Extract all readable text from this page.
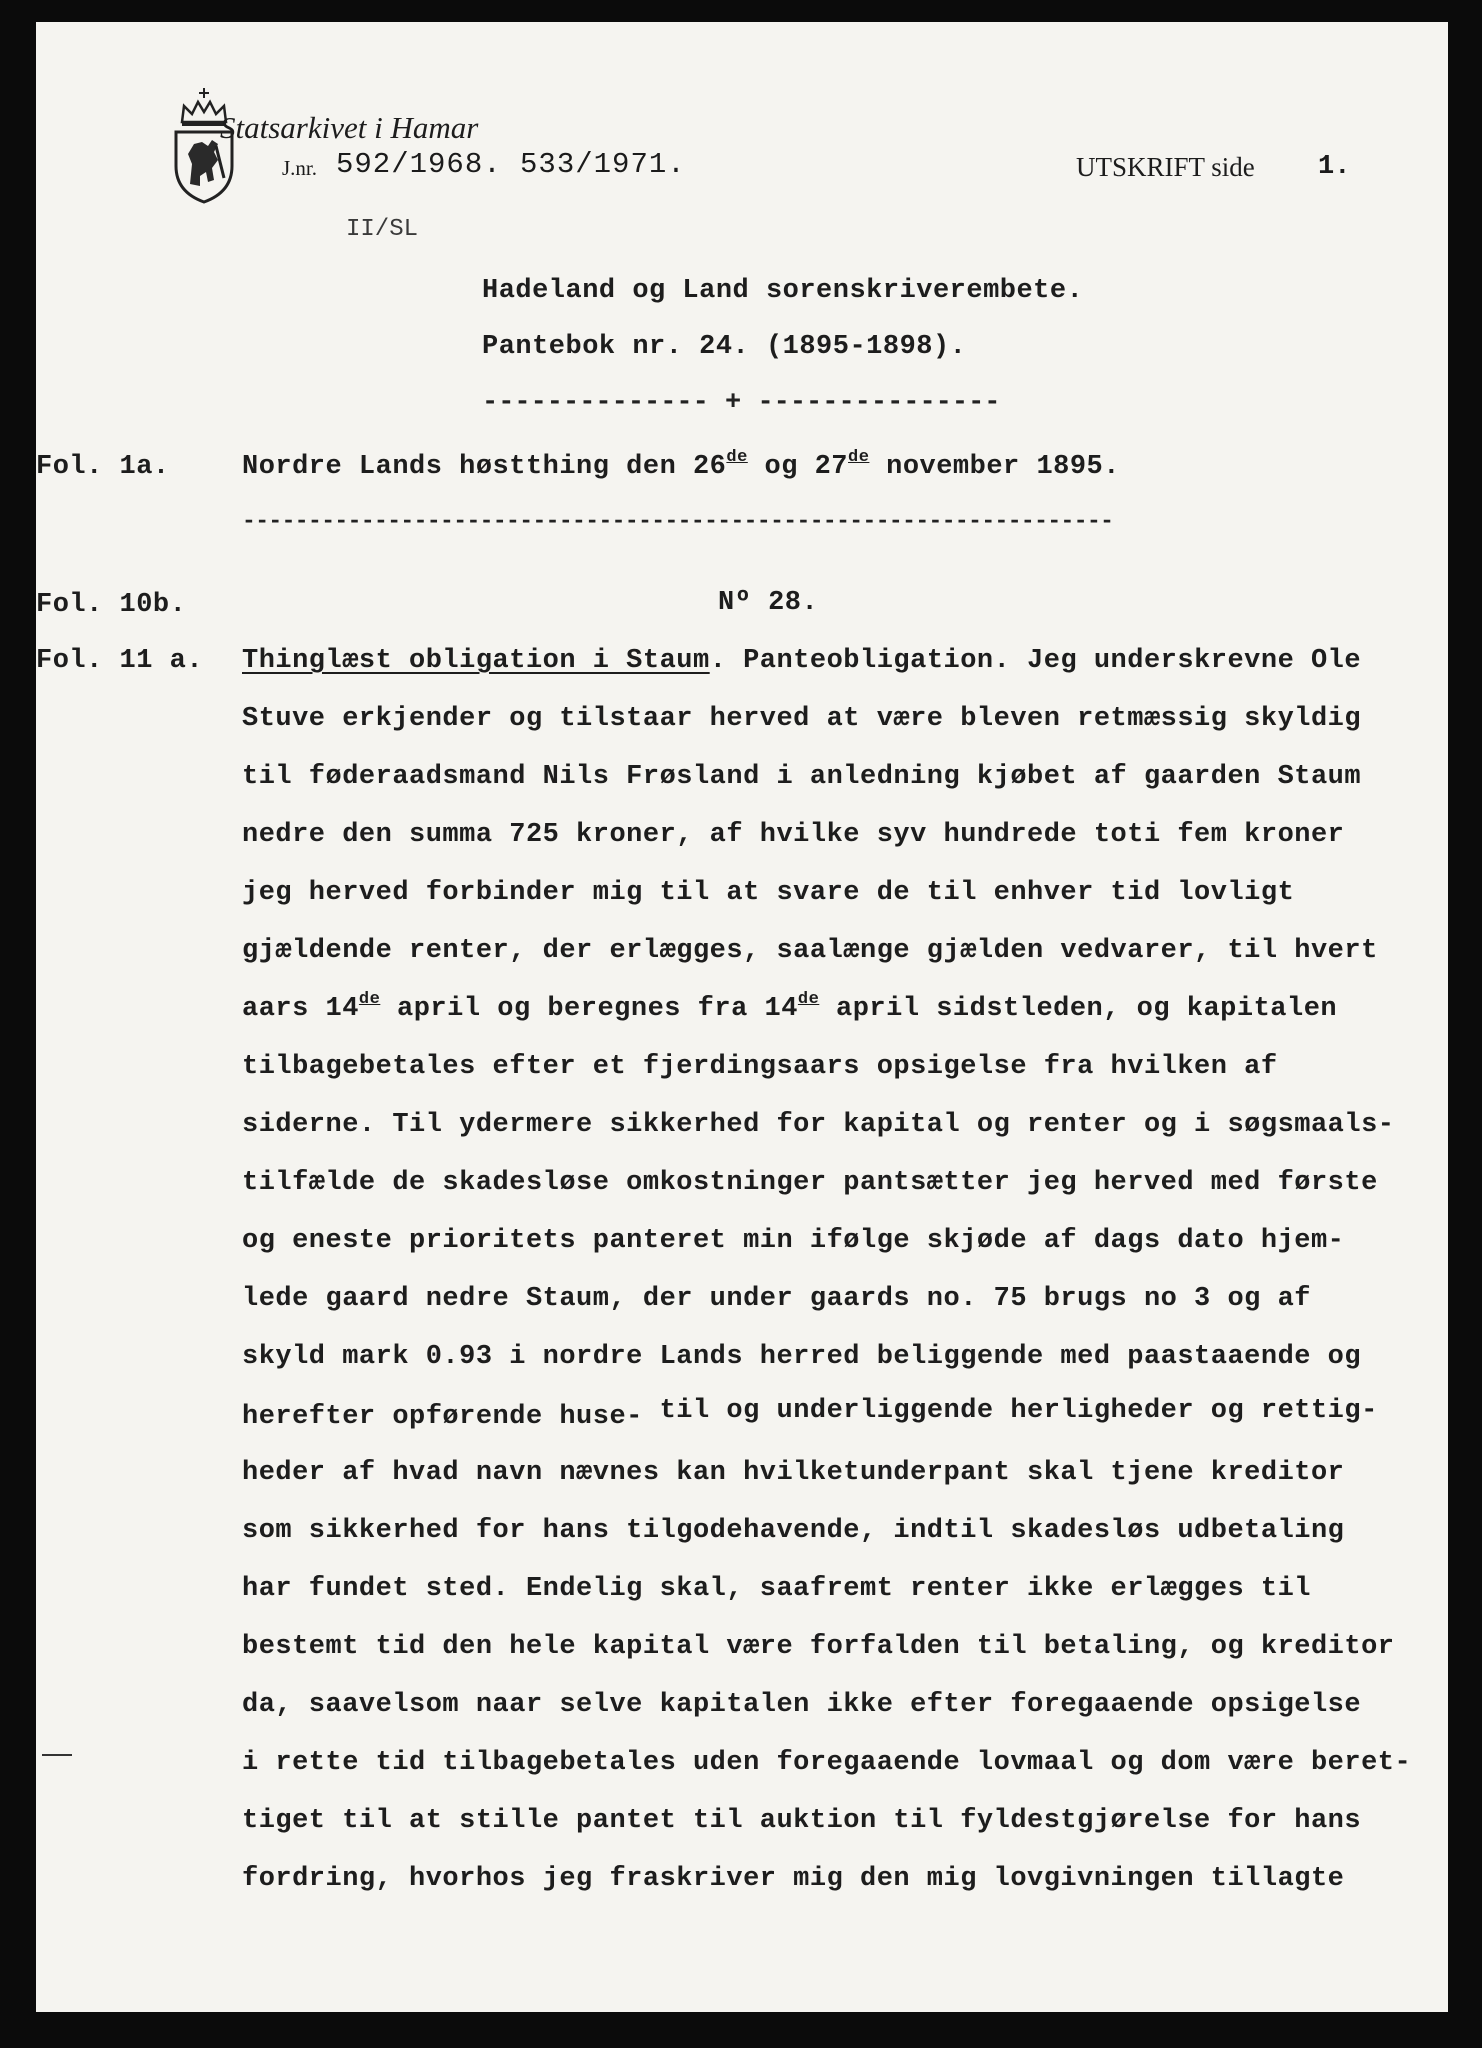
Statsarkivet i Hamar
J.nr. 592/1968. 533/1971.	UTSKRIFT side 1.
II/SL
Hadeland og Land sorenskriverembete.
Pantebok nr. 24. (1895-1898).
-------------- + ---------------
Fol. 1a.	Nordre Lands høstthing den 26de og 27de november 1895.
------------------------------------------------------------------
Fol. 10b.	Nº 28.
Fol. 11 a. Thinglæst obligation i Staum. Panteobligation. Jeg underskrevne Ole
Stuve erkjender og tilstaar herved at være bleven retmæssig skyldig
til føderaadsmand Nils Frøsland i anledning kjøbet af gaarden Staum
nedre den summa 725 kroner, af hvilke syv hundrede toti fem kroner
jeg herved forbinder mig til at svare de til enhver tid lovligt
gjældende renter, der erlægges, saalænge gjælden vedvarer, til hvert
aars 14de april og beregnes fra 14de april sidstleden, og kapitalen
tilbagebetales efter et fjerdingsaars opsigelse fra hvilken af
siderne. Til ydermere sikkerhed for kapital og renter og i søgsmaals-
tilfælde de skadesløse omkostninger pantsætter jeg herved med første
og eneste prioritets panteret min ifølge skjøde af dags dato hjem-
lede gaard nedre Staum, der under gaards no. 75 brugs no 3 og af
skyld mark 0.93 i nordre Lands herred beliggende med paastaaende og
herefter opførende huse- til og underliggende herligheder og rettig-
heder af hvad navn nævnes kan hvilketunderpant skal tjene kreditor
som sikkerhed for hans tilgodehavende, indtil skadesløs udbetaling
har fundet sted. Endelig skal, saafremt renter ikke erlægges til
bestemt tid den hele kapital være forfalden til betaling, og kreditor
da, saavelsom naar selve kapitalen ikke efter foregaaende opsigelse
i rette tid tilbagebetales uden foregaaende lovmaal og dom være beret-
tiget til at stille pantet til auktion til fyldestgjørelse for hans
fordring, hvorhos jeg fraskriver mig den mig lovgivningen tillagte
